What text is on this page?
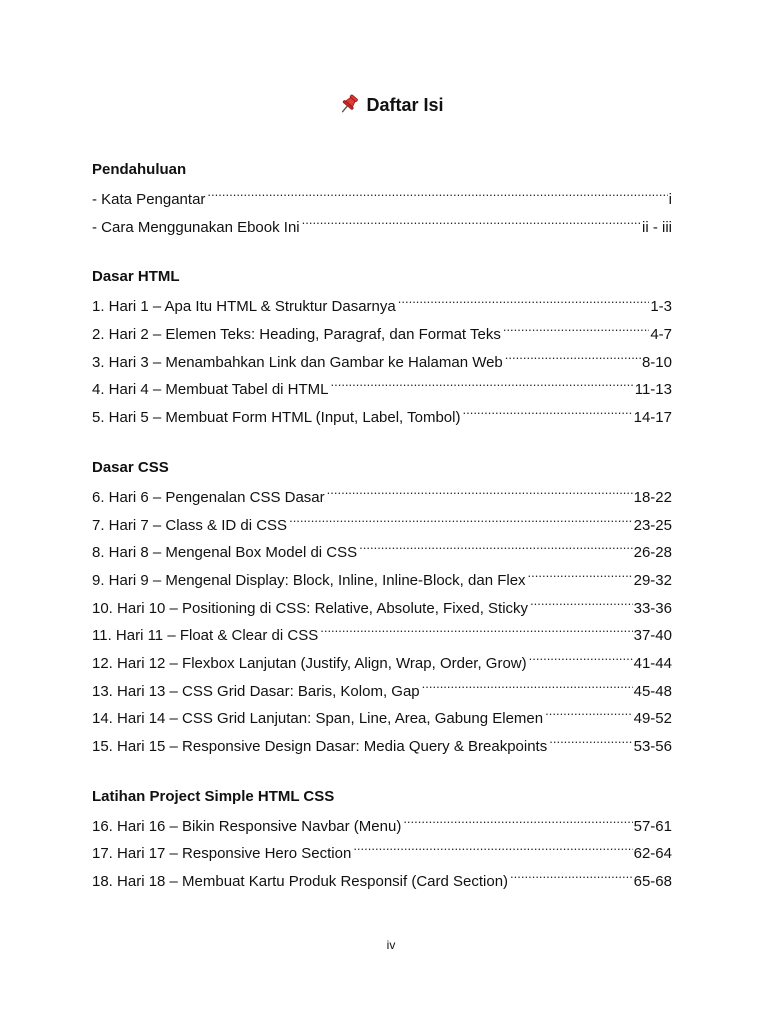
Daftar Isi
Pendahuluan
- Kata Pengantar .....	i
- Cara Menggunakan Ebook Ini .....	ii - iii
Dasar HTML
1. Hari 1 – Apa Itu HTML & Struktur Dasarnya .....	1-3
2. Hari 2 – Elemen Teks: Heading, Paragraf, dan Format Teks .....	4-7
3. Hari 3 – Menambahkan Link dan Gambar ke Halaman Web .....	8-10
4. Hari 4 – Membuat Tabel di HTML .....	11-13
5. Hari 5 – Membuat Form HTML (Input, Label, Tombol) .....	14-17
Dasar CSS
6. Hari 6 – Pengenalan CSS Dasar .....	18-22
7. Hari 7 – Class & ID di CSS .....	23-25
8. Hari 8 – Mengenal Box Model di CSS .....	26-28
9. Hari 9 – Mengenal Display: Block, Inline, Inline-Block, dan Flex .....	29-32
10. Hari 10 – Positioning di CSS: Relative, Absolute, Fixed, Sticky .....	33-36
11. Hari 11 – Float & Clear di CSS .....	37-40
12. Hari 12 – Flexbox Lanjutan (Justify, Align, Wrap, Order, Grow) .....	41-44
13. Hari 13 – CSS Grid Dasar: Baris, Kolom, Gap .....	45-48
14. Hari 14 – CSS Grid Lanjutan: Span, Line, Area, Gabung Elemen .....	49-52
15. Hari 15 – Responsive Design Dasar: Media Query & Breakpoints .....	53-56
Latihan Project Simple HTML CSS
16. Hari 16 – Bikin Responsive Navbar (Menu) .....	57-61
17. Hari 17 – Responsive Hero Section .....	62-64
18. Hari 18 – Membuat Kartu Produk Responsif (Card Section) .....	65-68
iv
